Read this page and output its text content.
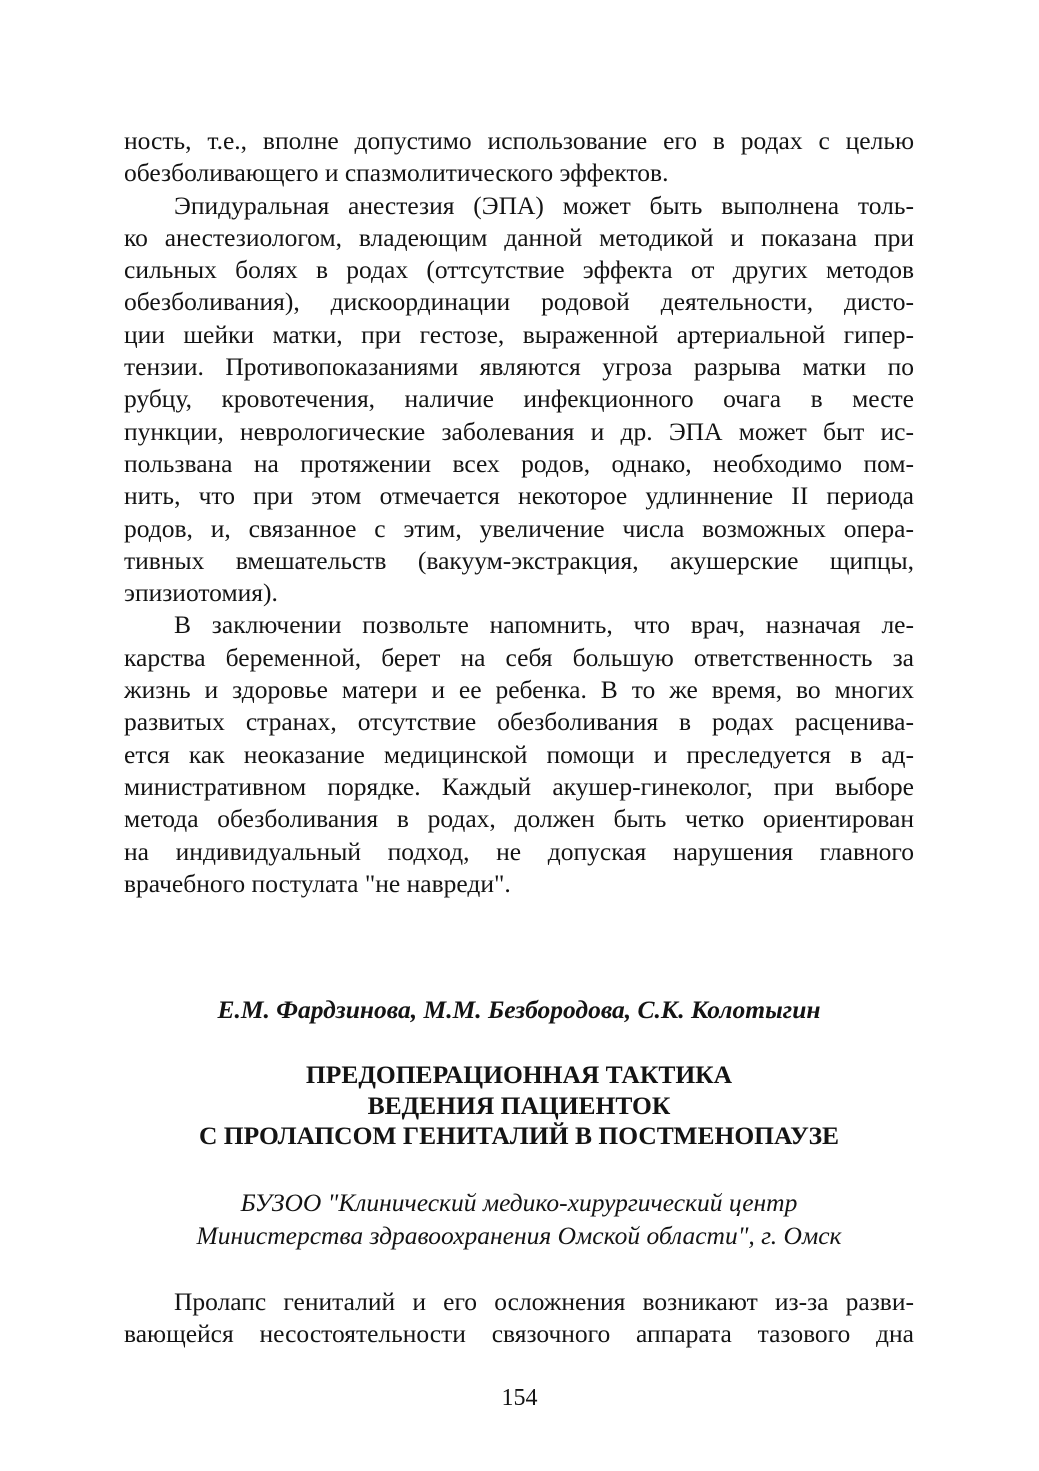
ность, т.е., вполне допустимо использование его в родах с целью
обезболивающего и спазмолитического эффектов.

Эпидуральная анестезия (ЭПА) может быть выполнена толь-
ко анестезиологом, владеющим данной методикой и показана при
сильных болях в родах (оттсутствие эффекта от других методов
обезболивания), дискоординации родовой деятельности, дисто-
ции шейки матки, при гестозе, выраженной артериальной гипер-
тензии. Противопоказаниями являются угроза разрыва матки по
рубцу, кровотечения, наличие инфекционного очага в месте
пункции, неврологические заболевания и др. ЭПА может быт ис-
пользвана на протяжении всех родов, однако, необходимо пом-
нить, что при этом отмечается некоторое удлиннение II периода
родов, и, связанное с этим, увеличение числа возможных опера-
тивных вмешательств (вакуум-экстракция, акушерские щипцы,
эпизиотомия).

В заключении позвольте напомнить, что врач, назначая ле-
карства беременной, берет на себя большую ответственность за
жизнь и здоровье матери и ее ребенка. В то же время, во многих
развитых странах, отсутствие обезболивания в родах расценива-
ется как неоказание медицинской помощи и преследуется в ад-
министративном порядке. Каждый акушер-гинеколог, при выборе
метода обезболивания в родах, должен быть четко ориентирован
на индивидуальный подход, не допуская нарушения главного
врачебного постулата "не навреди".

Е.М. Фардзинова, М.М. Безбородова, С.К. Колотыгин

ПРЕДОПЕРАЦИОННАЯ ТАКТИКА
ВЕДЕНИЯ ПАЦИЕНТОК
С ПРОЛАПСОМ ГЕНИТАЛИЙ В ПОСТМЕНОПАУЗЕ

БУЗОО "Клинический медико-хирургический центр
Министерства здравоохранения Омской области", г. Омск

Пролапс гениталий и его осложнения возникают из-за разви-
вающейся несостоятельности связочного аппарата тазового дна

154
